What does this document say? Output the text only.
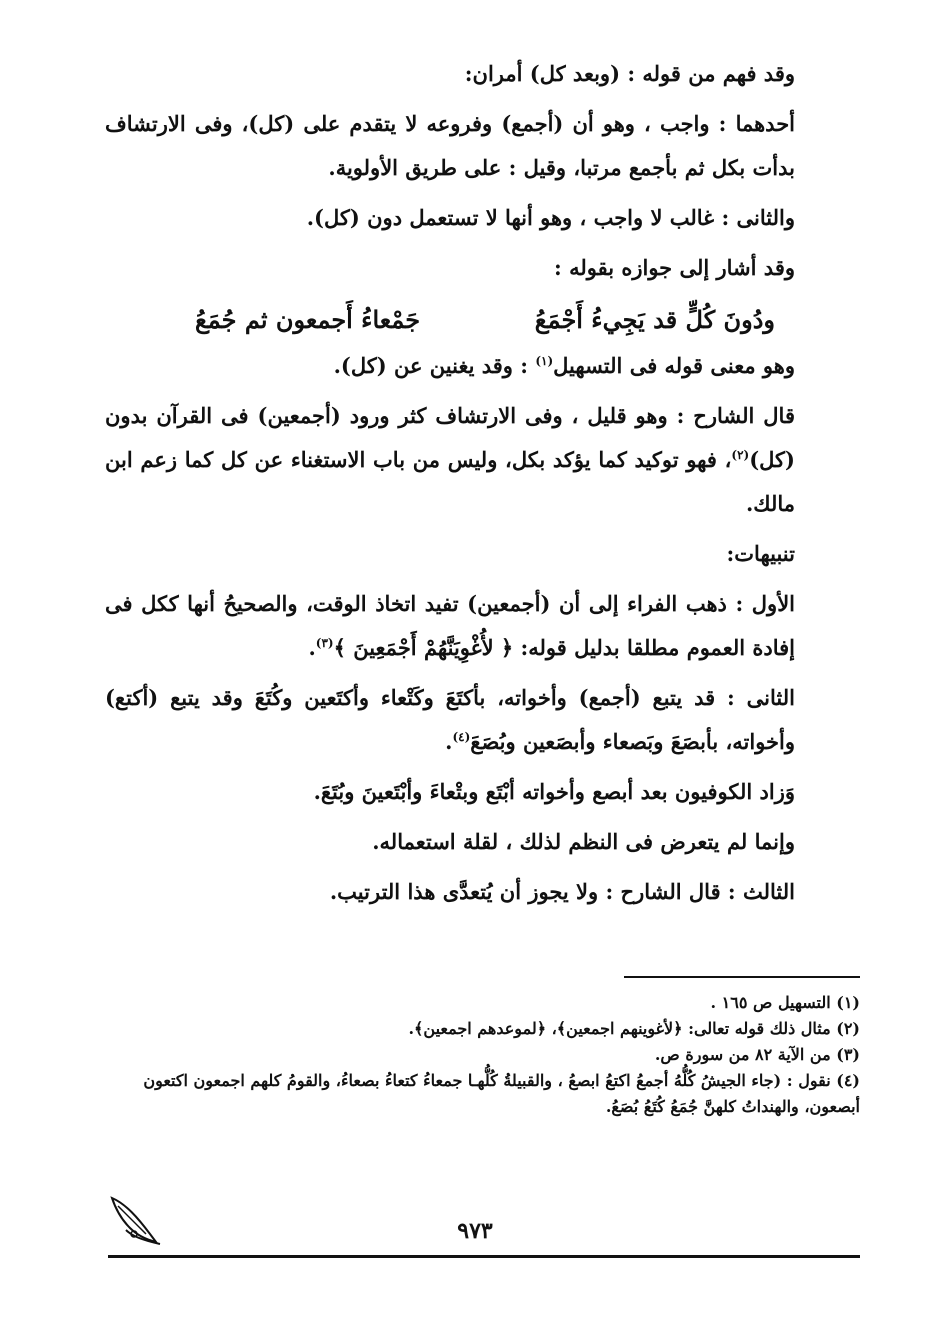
وقد فهم من قوله : (وبعد كل) أمران:

أحدهما : واجب ، وهو أن (أجمع) وفروعه لا يتقدم على (كل)، وفى الارتشاف بدأت بكل ثم بأجمع مرتبا، وقيل : على طريق الأولوية.

والثانى : غالب لا واجب ، وهو أنها لا تستعمل دون (كل).

وقد أشار إلى جوازه بقوله :

ودُونَ كُلٍّ قد يَجِيءُ أَجْمَعُ
جَمْعاءُ أَجمعون ثم جُمَعُ

وهو معنى قوله فى التسهيل$^{(١)}$ : وقد يغنين عن (كل).

قال الشارح : وهو قليل ، وفى الارتشاف كثر ورود (أجمعين) فى القرآن بدون (كل)$^{(٢)}$، فهو توكيد كما يؤكد بكل، وليس من باب الاستغناء عن كل كما زعم ابن مالك.

تنبيهات:

الأول : ذهب الفراء إلى أن (أجمعين) تفيد اتخاذ الوقت، والصحيحُ أنها ككل فى إفادة العموم مطلقا بدليل قوله: ﴿ لأُغْوِيَنَّهُمْ أَجْمَعِينَ ﴾$^{(٣)}$.

الثانى : قد يتبع (أجمع) وأخواته، بأكتَعَ وكَتْعاء وأكتَعين وكُتَعَ وقد يتبع (أكتع) وأخواته، بأبصَعَ وبَصعاء وأبصَعين وبُصَعَ$^{(٤)}$.

وَزاد الكوفيون بعد أبصع وأخواته أبْتَع وبتْعاءَ وأبْتَعينَ وبُتَعَ.

وإنما لم يتعرض فى النظم لذلك ، لقلة استعماله.

الثالث : قال الشارح : ولا يجوز أن يُتعدَّى هذا الترتيب.

(١) التسهيل ص ١٦٥ .

(٢) مثال ذلك قوله تعالى: ﴿لأغوينهم اجمعين﴾، ﴿لموعدهم اجمعين﴾.

(٣) من الآية ٨٢ من سورة ص.

(٤) نقول : (جاء الجيشُ كُلُّهُ أجمعُ اكتعُ ابصعُ ، والقبيلةُ كُلُّهـا جمعاءُ كتعاءُ بصعاءُ، والقومُ كلهم اجمعون اكتعون أبصعون، والهنداتُ كلهنَّ جُمَعُ كُتَعُ بُصَعُ.

٩٧٣
